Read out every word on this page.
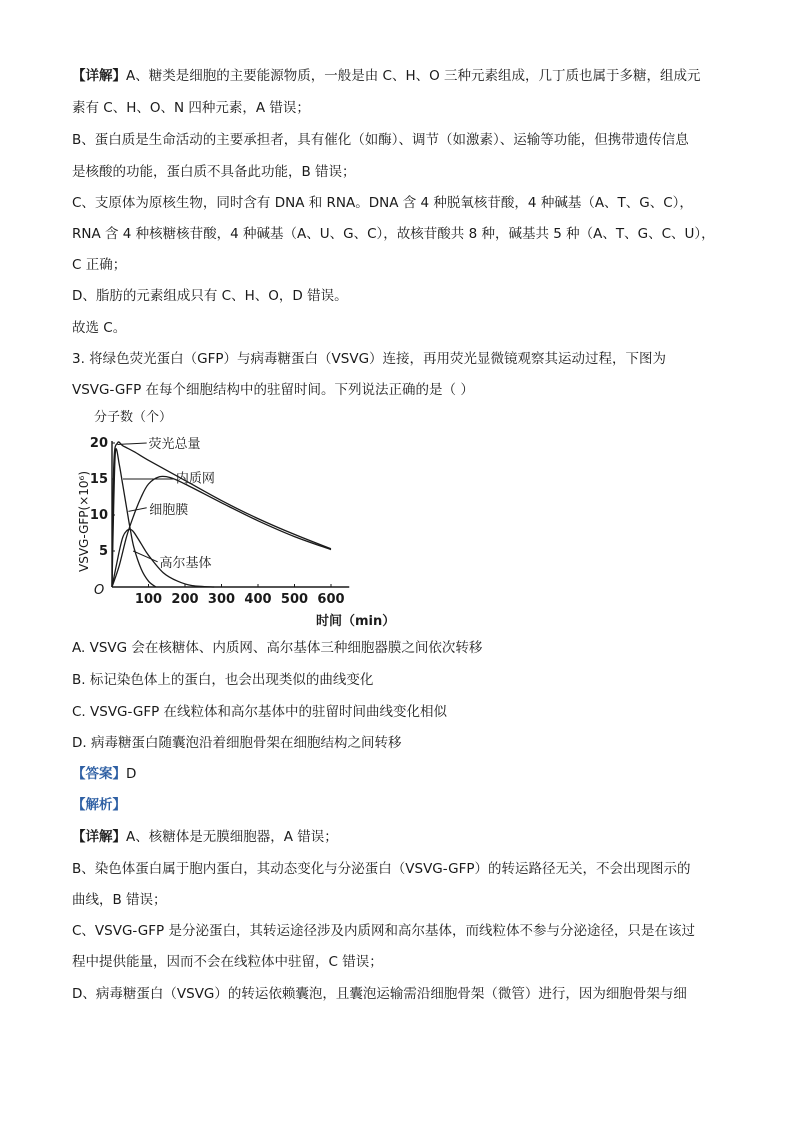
【详解】A、糖类是细胞的主要能源物质，一般是由 C、H、O 三种元素组成，几丁质也属于多糖，组成元
素有 C、H、O、N 四种元素，A 错误；
B、蛋白质是生命活动的主要承担者，具有催化（如酶）、调节（如激素）、运输等功能，但携带遗传信息
是核酸的功能，蛋白质不具备此功能，B 错误；
C、支原体为原核生物，同时含有 DNA 和 RNA。DNA 含 4 种脱氧核苷酸，4 种碱基（A、T、G、C），
RNA 含 4 种核糖核苷酸，4 种碱基（A、U、G、C），故核苷酸共 8 种，碱基共 5 种（A、T、G、C、U），
C 正确；
D、脂肪的元素组成只有 C、H、O，D 错误。
故选 C。
3. 将绿色荧光蛋白（GFP）与病毒糖蛋白（VSVG）连接，再用荧光显微镜观察其运动过程，下图为
VSVG-GFP 在每个细胞结构中的驻留时间。下列说法正确的是（ ）
分子数（个）
VSVG-GFP(×10⁶)
时间（min）
O
100 200 300 400 500 600
5
10
15
20	荧光总量
内质网
细胞膜
高尔基体
A. VSVG 会在核糖体、内质网、高尔基体三种细胞器膜之间依次转移
B. 标记染色体上的蛋白，也会出现类似的曲线变化
C. VSVG-GFP 在线粒体和高尔基体中的驻留时间曲线变化相似
D. 病毒糖蛋白随囊泡沿着细胞骨架在细胞结构之间转移
【答案】D
【解析】
【详解】A、核糖体是无膜细胞器，A 错误；
B、染色体蛋白属于胞内蛋白，其动态变化与分泌蛋白（VSVG-GFP）的转运路径无关，不会出现图示的
曲线，B 错误；
C、VSVG-GFP 是分泌蛋白，其转运途径涉及内质网和高尔基体，而线粒体不参与分泌途径，只是在该过
程中提供能量，因而不会在线粒体中驻留，C 错误；
D、病毒糖蛋白（VSVG）的转运依赖囊泡，且囊泡运输需沿细胞骨架（微管）进行，因为细胞骨架与细
